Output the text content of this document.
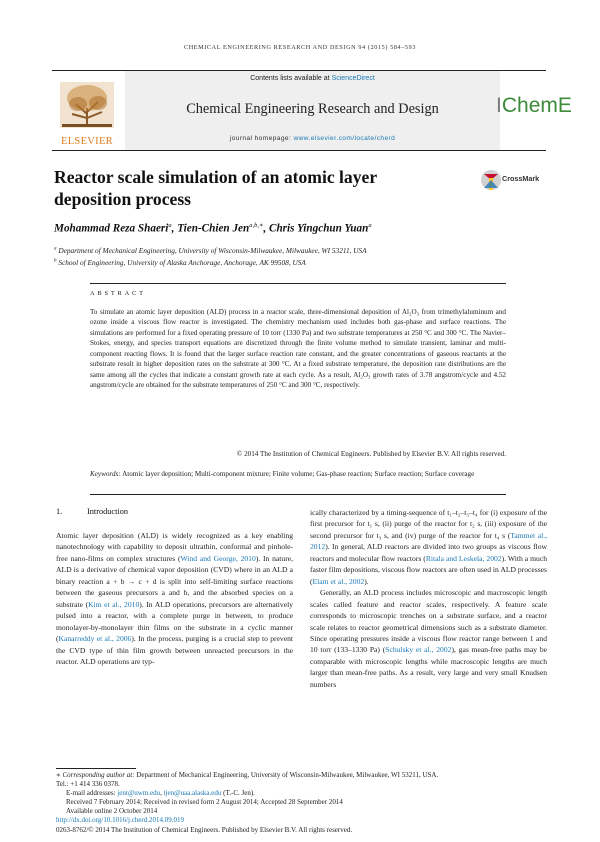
CHEMICAL ENGINEERING RESEARCH AND DESIGN 94 (2015) 584–593
Contents lists available at ScienceDirect
Chemical Engineering Research and Design
journal homepage: www.elsevier.com/locate/cherd
ELSEVIER
IChemE
Reactor scale simulation of an atomic layer deposition process
CrossMark
Mohammad Reza Shaeri$^a$, Tien-Chien Jen$^{a,b,∗}$, Chris Yingchun Yuan$^a$
$^a$ Department of Mechanical Engineering, University of Wisconsin-Milwaukee, Milwaukee, WI 53211, USA
$^b$ School of Engineering, University of Alaska Anchorage, Anchorage, AK 99508, USA
ABSTRACT
To simulate an atomic layer deposition (ALD) process in a reactor scale, three-dimensional deposition of Al₂O₃ from trimethylaluminum and ozone inside a viscous flow reactor is investigated. The chemistry mechanism used includes both gas-phase and surface reactions. The simulations are performed for a fixed operating pressure of 10 torr (1330 Pa) and two substrate temperatures at 250 °C and 300 °C. The Navier–Stokes, energy, and species transport equations are discretized through the finite volume method to simulate transient, laminar and multi-component reacting flows. It is found that the larger surface reaction rate constant, and the greater concentrations of gaseous reactants at the substrate result in higher deposition rates on the substrate at 300 °C. At a fixed substrate temperature, the deposition rate distributions are the same among all the cycles that indicate a constant growth rate at each cycle. As a result, Al₂O₃ growth rates of 3.78 angstrom/cycle and 4.52 angstrom/cycle are obtained for the substrate temperatures of 250 °C and 300 °C, respectively.
© 2014 The Institution of Chemical Engineers. Published by Elsevier B.V. All rights reserved.
Keywords: Atomic layer deposition; Multi-component mixture; Finite volume; Gas-phase reaction; Surface reaction; Surface coverage
1.	Introduction

Atomic layer deposition (ALD) is widely recognized as a key enabling nanotechnology with capability to deposit ultrathin, conformal and pinhole-free nano-films on complex structures (Wind and George, 2010). In nature, ALD is a derivative of chemical vapor deposition (CVD) where in an ALD a binary reaction a + b → c + d is split into self-limiting surface reactions between the gaseous precursors a and b, and the absorbed species on a substrate (Kim et al., 2010). In ALD operations, precursors are alternatively pulsed into a reactor, with a complete purge in between, to produce monolayer-by-monolayer thin films on the substrate in a cyclic manner (Kanarreddy et al., 2006). In the process, purging is a crucial step to prevent the CVD type of thin film growth between unreacted precursors in the reactor. ALD operations are typ-

ically characterized by a timing-sequence of t₁–t₂–t₃–t₄ for (i) exposure of the first precursor for t₁ s, (ii) purge of the reactor for t₂ s, (iii) exposure of the second precursor for t₃ s, and (iv) purge of the reactor for t₄ s (Tammet al., 2012). In general, ALD reactors are divided into two groups as viscous flow reactors and molecular flow reactors (Ritala and Leskela, 2002). With a much faster film depositions, viscous flow reactors are often used in ALD processes (Elam et al., 2002).

Generally, an ALD process includes microscopic and macroscopic length scales called feature and reactor scales, respectively. A feature scale corresponds to microscopic trenches on a substrate surface, and a reactor scale relates to reactor geometrical dimensions such as a substrate diameter. Since operating pressures inside a viscous flow reactor range between 1 and 10 torr (133–1330 Pa) (Schulsky et al., 2002), gas mean-free paths may be comparable with microscopic lengths while macroscopic lengths are much larger than mean-free paths. As a result, very large and very small Knudsen numbers

∗ Corresponding author at: Department of Mechanical Engineering, University of Wisconsin-Milwaukee, Milwaukee, WI 53211, USA.
Tel.: +1 414 336 0378.
E-mail addresses: jent@uwm.edu, tjen@uaa.alaska.edu (T.-C. Jen).
Received 7 February 2014; Received in revised form 2 August 2014; Accepted 28 September 2014
Available online 2 October 2014
http://dx.doi.org/10.1016/j.cherd.2014.09.019
0263-8762/© 2014 The Institution of Chemical Engineers. Published by Elsevier B.V. All rights reserved.
